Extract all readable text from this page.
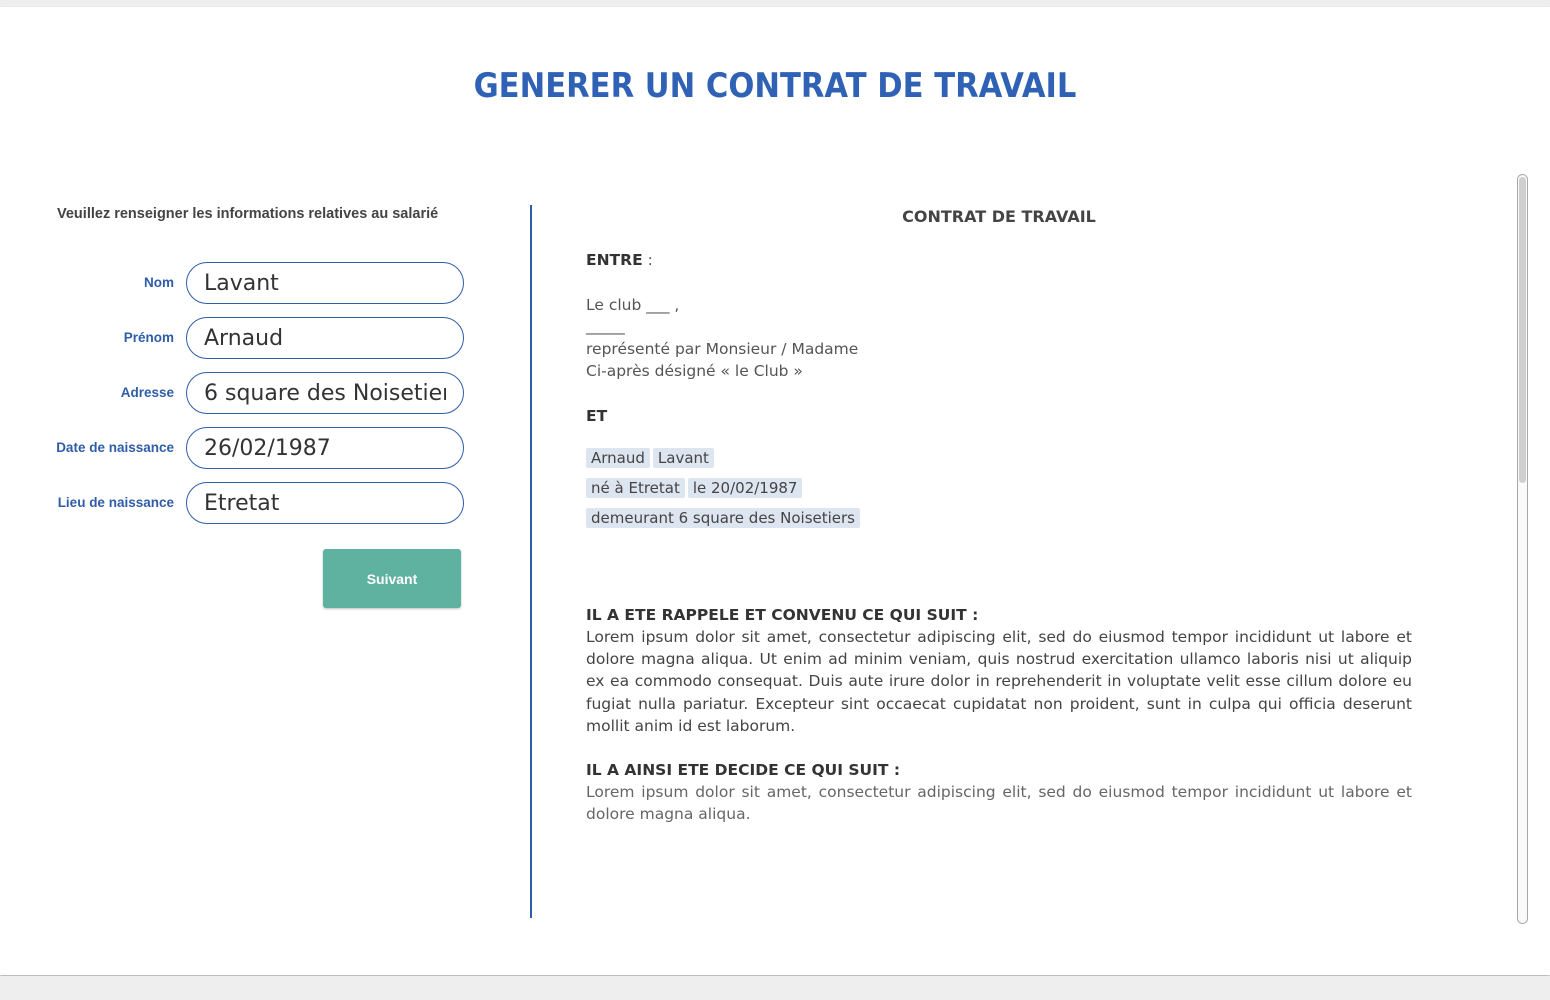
GENERER UN CONTRAT DE TRAVAIL
Veuillez renseigner les informations relatives au salarié
Nom
Lavant
Prénom
Arnaud
Adresse
6 square des Noisetiers
Date de naissance
26/02/1987
Lieu de naissance
Etretat
Suivant
CONTRAT DE TRAVAIL
ENTRE :
Le club ___ ,
_____
représenté par Monsieur / Madame
Ci-après désigné « le Club »
ET
Arnaud Lavant
né à Etretat le 20/02/1987
demeurant 6 square des Noisetiers
IL A ETE RAPPELE ET CONVENU CE QUI SUIT :
Lorem ipsum dolor sit amet, consectetur adipiscing elit, sed do eiusmod tempor incididunt ut labore et dolore magna aliqua. Ut enim ad minim veniam, quis nostrud exercitation ullamco laboris nisi ut aliquip ex ea commodo consequat. Duis aute irure dolor in reprehenderit in voluptate velit esse cillum dolore eu fugiat nulla pariatur. Excepteur sint occaecat cupidatat non proident, sunt in culpa qui officia deserunt mollit anim id est laborum.
IL A AINSI ETE DECIDE CE QUI SUIT :
Lorem ipsum dolor sit amet, consectetur adipiscing elit, sed do eiusmod tempor incididunt ut labore et dolore magna aliqua.
